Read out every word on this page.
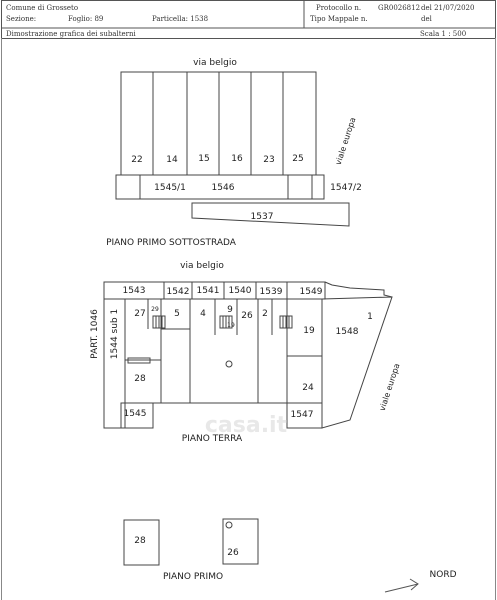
Comune di Grosseto
Sezione:	Foglio: 89	Particella: 1538
Protocollo n. GR0026812 del 21/07/2020
Tipo Mappale n.	del
Dimostrazione grafica dei subalterni	Scala 1 : 500
via belgio
viale europa
22	14 15 16 23 25
1545/1	1546	1547/2
1537
PIANO PRIMO SOTTOSTRADA
via belgio
1543 1542 1541 1540 1539 1549
PART. 1046 1544 sub 1 27 29 5 4 9
19
26 2
19 1548
1
28
24
1545	1547
viale europa
casa.it
PIANO TERRA
28
26
PIANO PRIMO	NORD
